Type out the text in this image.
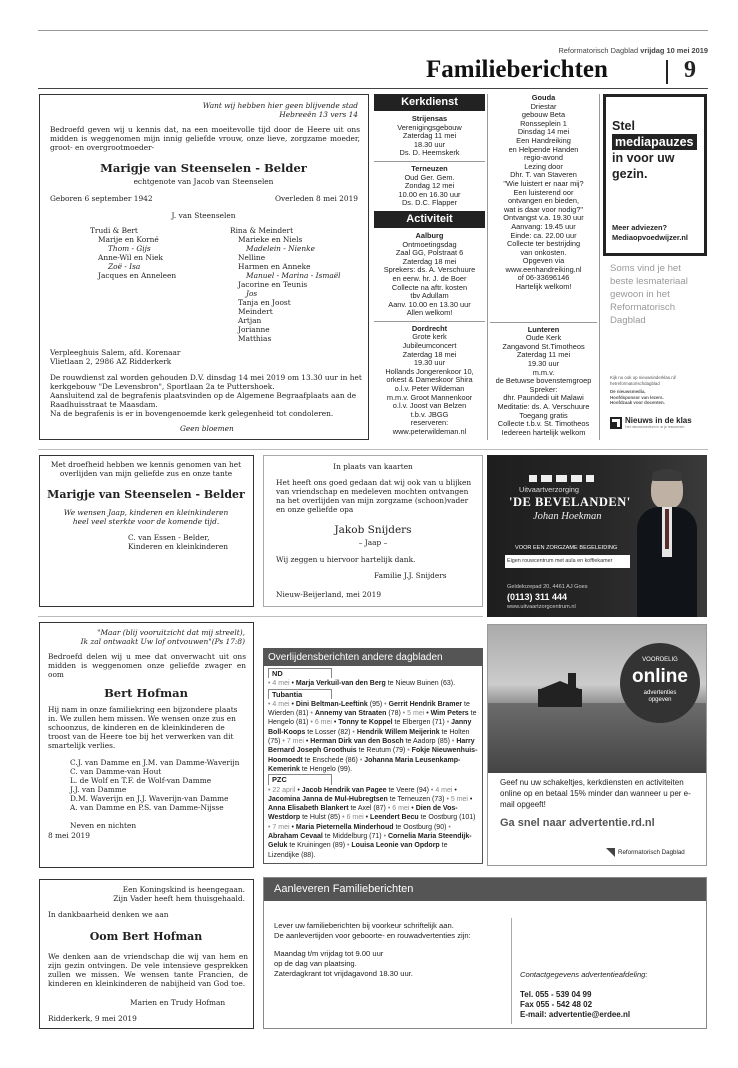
Reformatorisch Dagblad vrijdag 10 mei 2019
Familieberichten	9
Want wij hebben hier geen blijvende stad
Hebreeën 13 vers 14
Bedroefd geven wij u kennis dat, na een moeitevolle tijd door de Heere uit ons midden is weggenomen mijn innig geliefde vrouw, onze lieve, zorgzame moeder, groot- en overgrootmoeder-
Marigje van Steenselen - Belder
echtgenote van Jacob van Steenselen
Geboren 6 september 1942	Overleden 8 mei 2019
J. van Steenselen
Trudi & Bert
Marije en Korné
Thom - Gijs
Anne-Wil en Niek
Zoë - Isa
Jacques en Anneleen
Rina & Meindert
Marieke en Niels
Madelein - Nienke
Nelline
Harmen en Anneke
Manuel - Marina - Ismaël
Jacorine en Teunis
Jos
Tanja en Joost
Meindert
Artjan
Jorianne
Matthias
Verpleeghuis Salem, afd. Korenaar
Vlietlaan 2, 2986 AZ Ridderkerk
De rouwdienst zal worden gehouden D.V. dinsdag 14 mei 2019 om 13.30 uur in het kerkgebouw "De Levensbron", Sportlaan 2a te Puttershoek.
Aansluitend zal de begrafenis plaatsvinden op de Algemene Begraafplaats aan de Raadhuisstraat te Maasdam.
Na de begrafenis is er in bovengenoemde kerk gelegenheid tot condoleren.
Geen bloemen
Kerkdienst
Strijensas
Verenigingsgebouw
Zaterdag 11 mei
18.30 uur
Ds. D. Heemskerk
Terneuzen
Oud Ger. Gem.
Zondag 12 mei
10.00 en 16.30 uur
Ds. D.C. Flapper
Activiteit
Aalburg
Ontmoetingsdag
Zaal GG, Polstraat 6
Zaterdag 18 mei
Sprekers: ds. A. Verschuure
en eerw. hr. J. de Boer
Collecte na aftr. kosten
tbv Adullam
Aanv. 10.00 en 13.30 uur
Allen welkom!
Dordrecht
Grote kerk
Jubileumconcert
Zaterdag 18 mei
19.30 uur
Hollands Jongerenkoor 10,
orkest & Dameskoor Shira
o.l.v. Peter Wildeman
m.m.v. Groot Mannenkoor
o.l.v. Joost van Belzen
t.b.v. JBGG
reserveren:
www.peterwildeman.nl
Gouda
Driestar
gebouw Beta
Ronsseplein 1
Dinsdag 14 mei
Een Handreiking
en Helpende Handen
regio-avond
Lezing door
Dhr. T. van Staveren
"Wie luistert er naar mij?
Een luisterend oor
ontvangen en bieden,
wat is daar voor nodig?"
Ontvangst v.a. 19.30 uur
Aanvang: 19.45 uur
Einde: ca. 22.00 uur
Collecte ter bestrijding
van onkosten.
Opgeven via
www.eenhandreiking.nl
of 06-33696146
Hartelijk welkom!
Lunteren
Oude Kerk
Zangavond St.Timotheos
Zaterdag 11 mei
19.30 uur
m.m.v.
de Betuwse bovenstemgroep
Spreker:
dhr. Paundedi uit Malawi
Meditatie: ds. A. Verschuure
Toegang gratis
Collecte t.b.v. St. Timotheos
Iedereen hartelijk welkom
Stel
mediapauzes
in voor uw
gezin.
Meer adviezen?
Mediaopvoedwijzer.nl
Soms vind je het beste lesmateriaal gewoon in het Reformatorisch Dagblad
Kijk nu ook op nieuwsinderklas.nl/ hetreformatorischdagblad
De nieuwsmedia.
Hoofdsponsor van lezers.
Hoofdzaak voor docenten.
Nieuws in de klas
Het nieuwsmedium in al je lesvormen
Met droefheid hebben we kennis genomen van het overlijden van mijn geliefde zus en onze tante
Marigje van Steenselen - Belder
We wensen Jaap, kinderen en kleinkinderen
heel veel sterkte voor de komende tijd.
C. van Essen - Belder,
Kinderen en kleinkinderen
In plaats van kaarten
Het heeft ons goed gedaan dat wij ook van u blijken van vriendschap en medeleven mochten ontvangen na het overlijden van mijn zorgzame (schoon)vader en onze geliefde opa
Jakob Snijders
– Jaap –
Wij zeggen u hiervoor hartelijk dank.
Familie J.J. Snijders
Nieuw-Beijerland, mei 2019
Uitvaartverzorging
'DE BEVELANDEN'
Johan Hoekman
VOOR EEN ZORGZAME BEGELEIDING
Eigen rouwcentrum met aula en koffiekamer
Geldelozepad 20, 4461 AJ Goes
(0113) 311 444
www.uitvaartzorgcentrum.nl
"Maar (blij vooruitzicht dat mij streelt),
Ik zal ontwaakt Uw lof ontvouwen"(Ps 17:8)
Bedroefd delen wij u mee dat onverwacht uit ons midden is weggenomen onze geliefde zwager en oom
Bert Hofman
Hij nam in onze familiekring een bijzondere plaats in. We zullen hem missen. We wensen onze zus en schoonzus, de kinderen en de kleinkinderen de troost van de Heere toe bij het verwerken van dit smartelijk verlies.
C.J. van Damme en J.M. van Damme-Waverijn
C. van Damme-van Hout
L. de Wolf en T.F. de Wolf-van Damme
J.J. van Damme
D.M. Waverijn en J.J. Waverijn-van Damme
A. van Damme en P.S. van Damme-Nijsse
Neven en nichten
8 mei 2019
Overlijdensberichten andere dagbladen
ND
• 4 mei • Marja Verkuil-van den Berg te Nieuw Buinen (63).
Tubantia
• 4 mei • Dini Beltman-Leeftink (95) • Gerrit Hendrik Bramer te Wierden (81) • Annemy van Straaten (78) • 5 mei • Wim Peters te Hengelo (81) • 6 mei • Tonny te Koppel te Elbergen (71) • Janny Boll-Koops te Losser (82) • Hendrik Willem Meijerink te Holten (75) • 7 mei • Herman Dirk van den Bosch te Aadorp (85) • Harry Bernard Joseph Groothuis te Reutum (79) • Fokje Nieuwenhuis-Hoomoedt te Enschede (86) • Johanna Maria Leusenkamp-Kemerink te Hengelo (99).
PZC
• 22 april • Jacob Hendrik van Pagee te Veere (94) • 4 mei • Jacomina Janna de Mul-Hubregtsen te Terneuzen (73) • 5 mei • Anna Elisabeth Blankert te Axel (87) • 6 mei • Dien de Vos-Westdorp te Hulst (85) • 6 mei • Leendert Becu te Oostburg (101) • 7 mei • Maria Pieternella Minderhoud te Oostburg (90) • Abraham Cevaal te Middelburg (71) • Cornelia Maria Steendijk-Geluk te Kruiningen (89) • Louisa Leonie van Opdorp te Lizendijke (88).
VOORDELIG
online
advertenties
opgeven
Geef nu uw schakeltjes, kerkdiensten en activiteiten online op en betaal 15% minder dan wanneer u per e-mail opgeeft!
Ga snel naar advertentie.rd.nl
Reformatorisch Dagblad
Een Koningskind is heengegaan.
Zijn Vader heeft hem thuisgehaald.
In dankbaarheid denken we aan
Oom Bert Hofman
We denken aan de vriendschap die wij van hem en zijn gezin ontvingen. De vele intensieve gesprekken zullen we missen. We wensen tante Francien, de kinderen en kleinkinderen de nabijheid van God toe.
Marien en Trudy Hofman
Ridderkerk, 9 mei 2019
Aanleveren Familieberichten
Lever uw familieberichten bij voorkeur schriftelijk aan.
De aanlevertijden voor geboorte- en rouwadvertenties zijn:
Maandag t/m vrijdag tot 9.00 uur
op de dag van plaatsing.
Zaterdagkrant tot vrijdagavond 18.30 uur.	Contactgegevens advertentieafdeling:
Tel. 055 - 539 04 99
Fax 055 - 542 48 02
E-mail: advertentie@erdee.nl
